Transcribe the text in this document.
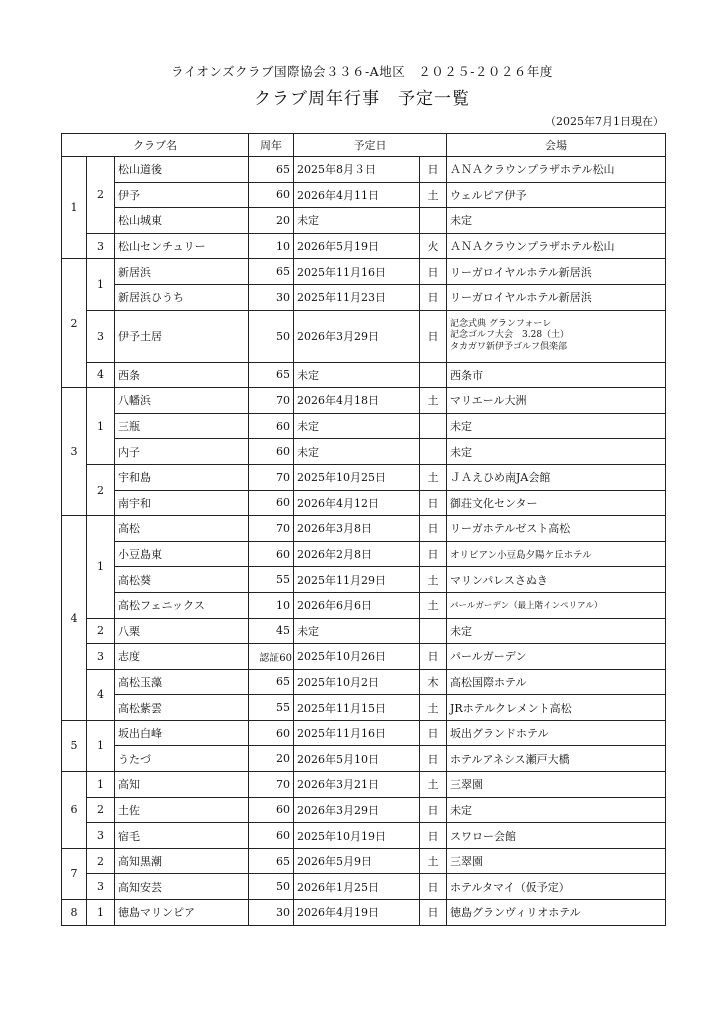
ライオンズクラブ国際協会３３６-A地区　２０２５-２０２６年度
クラブ周年行事　予定一覧
（2025年7月1日現在）
クラブ名			周年	予定日		会場
1	2	松山道後	65	2025年8月３日	日	ＡＮＡクラウンプラザホテル松山
		伊予	60	2026年4月11日	土	ウェルピア伊予
		松山城東	20	未定		未定
	3	松山センチュリー	10	2026年5月19日	火	ＡＮＡクラウンプラザホテル松山
2	1	新居浜	65	2025年11月16日	日	リーガロイヤルホテル新居浜
		新居浜ひうち	30	2025年11月23日	日	リーガロイヤルホテル新居浜
	3	伊予土居	50	2026年3月29日	日	記念式典 グランフォーレ
記念ゴルフ大会　3.28（土）
タカガワ新伊予ゴルフ倶楽部

	4	西条	65	未定		西条市
3	1	八幡浜	70	2026年4月18日	土	マリエール大洲
		三瓶	60	未定		未定
		内子	60	未定		未定
	2	宇和島	70	2025年10月25日	土	ＪＡえひめ南JA会館
		南宇和	60	2026年4月12日	日	御荘文化センター
4	1	高松	70	2026年3月8日	日	リーガホテルゼスト高松
		小豆島東	60	2026年2月8日	日	オリビアン小豆島夕陽ケ丘ホテル
		高松葵	55	2025年11月29日	土	マリンパレスさぬき
		高松フェニックス	10	2026年6月6日	土	パールガーデン（最上階インペリアル）
	2	八栗	45	未定		未定
	3	志度	認証60	2025年10月26日	日	パールガーデン
	4	高松玉藻	65	2025年10月2日	木	高松国際ホテル
		高松紫雲	55	2025年11月15日	土	JRホテルクレメント高松
5	1	坂出白峰	60	2025年11月16日	日	坂出グランドホテル
		うたづ	20	2026年5月10日	日	ホテルアネシス瀬戸大橋
6	1	高知	70	2026年3月21日	土	三翠園
	2	土佐	60	2026年3月29日	日	未定
	3	宿毛	60	2025年10月19日	日	スワロー会館
7	2	高知黒潮	65	2026年5月9日	土	三翠園
	3	高知安芸	50	2026年1月25日	日	ホテルタマイ（仮予定）
8	1	徳島マリンピア	30	2026年4月19日	日	徳島グランヴィリオホテル
